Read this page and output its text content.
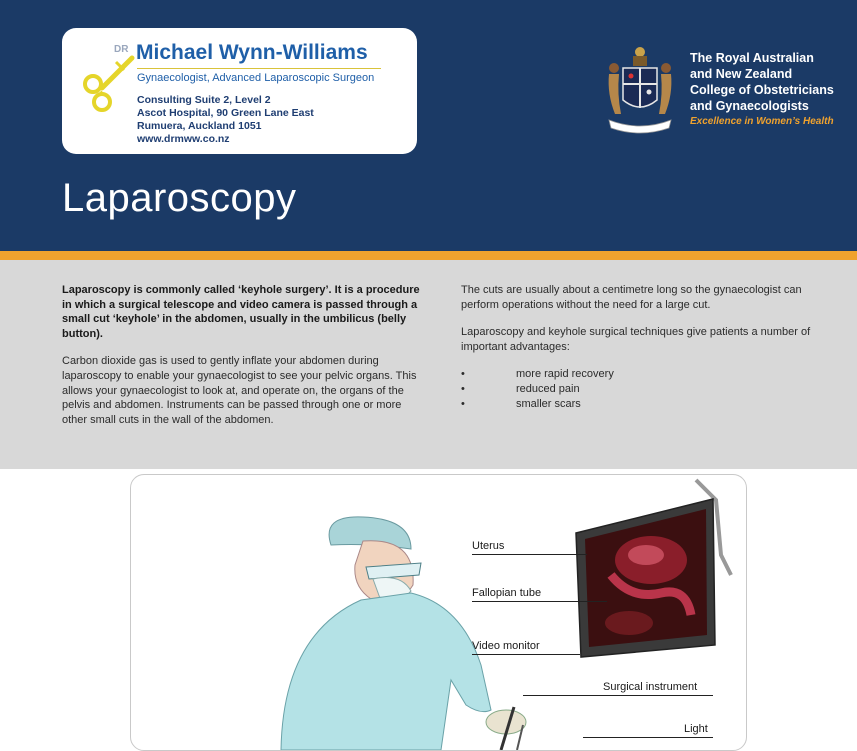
DR Michael Wynn-Williams
Gynaecologist, Advanced Laparoscopic Surgeon
Consulting Suite 2, Level 2
Ascot Hospital, 90 Green Lane East
Rumuera, Auckland 1051
www.drmww.co.nz
The Royal Australian
and New Zealand
College of Obstetricians
and Gynaecologists
Excellence in Women’s Health
Laparoscopy

Laparoscopy is commonly called ‘keyhole surgery’. It is a procedure in which a surgical telescope and video camera is passed through a small cut ‘keyhole’ in the abdomen, usually in the umbilicus (belly button).

Carbon dioxide gas is used to gently inflate your abdomen during laparoscopy to enable your gynaecologist to see your pelvic organs. This allows your gynaecologist to look at, and operate on, the organs of the pelvis and abdomen. Instruments can be passed through one or more other small cuts in the wall of the abdomen.

The cuts are usually about a centimetre long so the gynaecologist can perform operations without the need for a large cut.

Laparoscopy and keyhole surgical techniques give patients a number of important advantages:

•	more rapid recovery
•	reduced pain
•	smaller scars
Uterus
Fallopian tube
Video monitor
Surgical instrument
Light
